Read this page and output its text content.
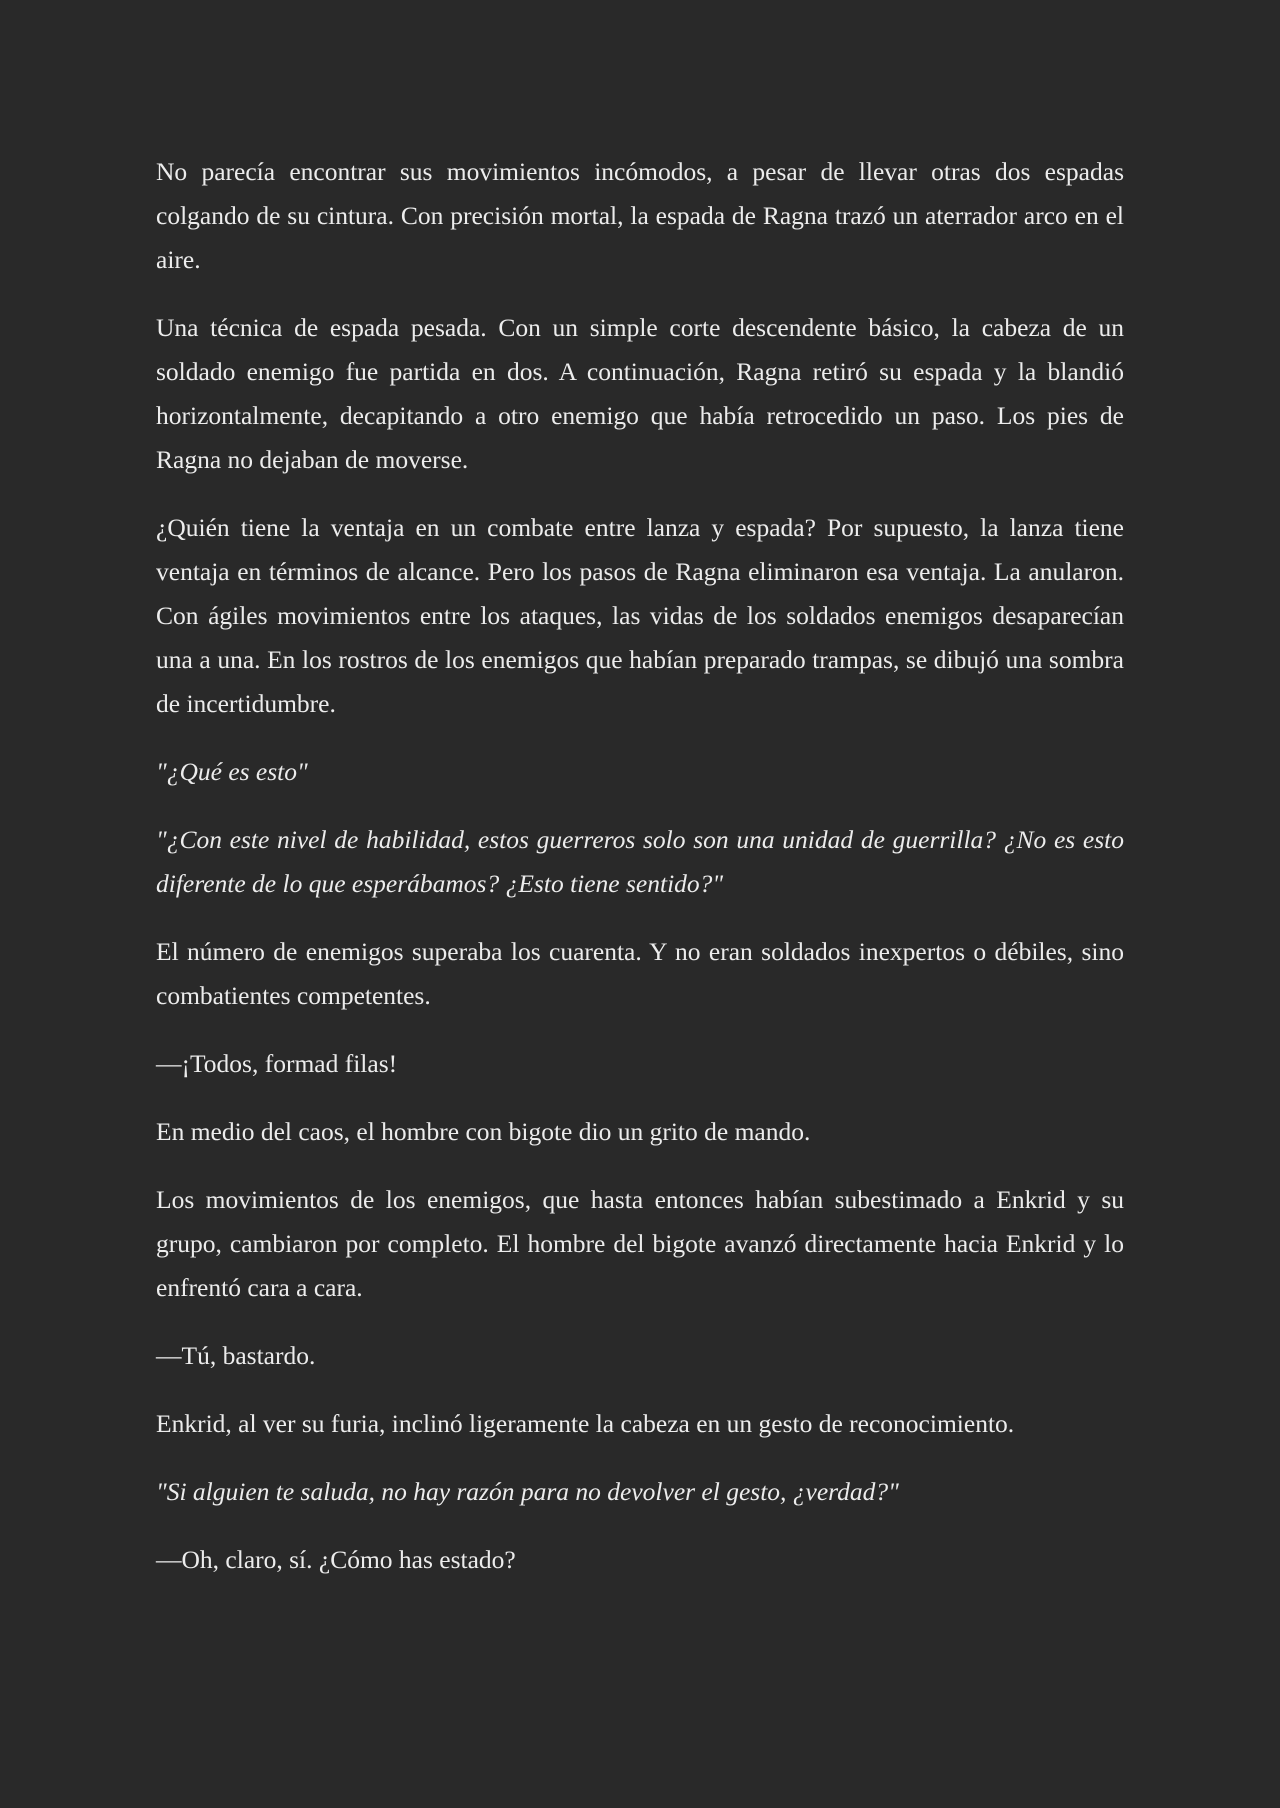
No parecía encontrar sus movimientos incómodos, a pesar de llevar otras dos espadas colgando de su cintura. Con precisión mortal, la espada de Ragna trazó un aterrador arco en el aire.

Una técnica de espada pesada. Con un simple corte descendente básico, la cabeza de un soldado enemigo fue partida en dos. A continuación, Ragna retiró su espada y la blandió horizontalmente, decapitando a otro enemigo que había retrocedido un paso. Los pies de Ragna no dejaban de moverse.

¿Quién tiene la ventaja en un combate entre lanza y espada? Por supuesto, la lanza tiene ventaja en términos de alcance. Pero los pasos de Ragna eliminaron esa ventaja. La anularon. Con ágiles movimientos entre los ataques, las vidas de los soldados enemigos desaparecían una a una. En los rostros de los enemigos que habían preparado trampas, se dibujó una sombra de incertidumbre.

"¿Qué es esto"

"¿Con este nivel de habilidad, estos guerreros solo son una unidad de guerrilla? ¿No es esto diferente de lo que esperábamos? ¿Esto tiene sentido?"

El número de enemigos superaba los cuarenta. Y no eran soldados inexpertos o débiles, sino combatientes competentes.

—¡Todos, formad filas!

En medio del caos, el hombre con bigote dio un grito de mando.

Los movimientos de los enemigos, que hasta entonces habían subestimado a Enkrid y su grupo, cambiaron por completo. El hombre del bigote avanzó directamente hacia Enkrid y lo enfrentó cara a cara.

—Tú, bastardo.

Enkrid, al ver su furia, inclinó ligeramente la cabeza en un gesto de reconocimiento.

"Si alguien te saluda, no hay razón para no devolver el gesto, ¿verdad?"

—Oh, claro, sí. ¿Cómo has estado?
